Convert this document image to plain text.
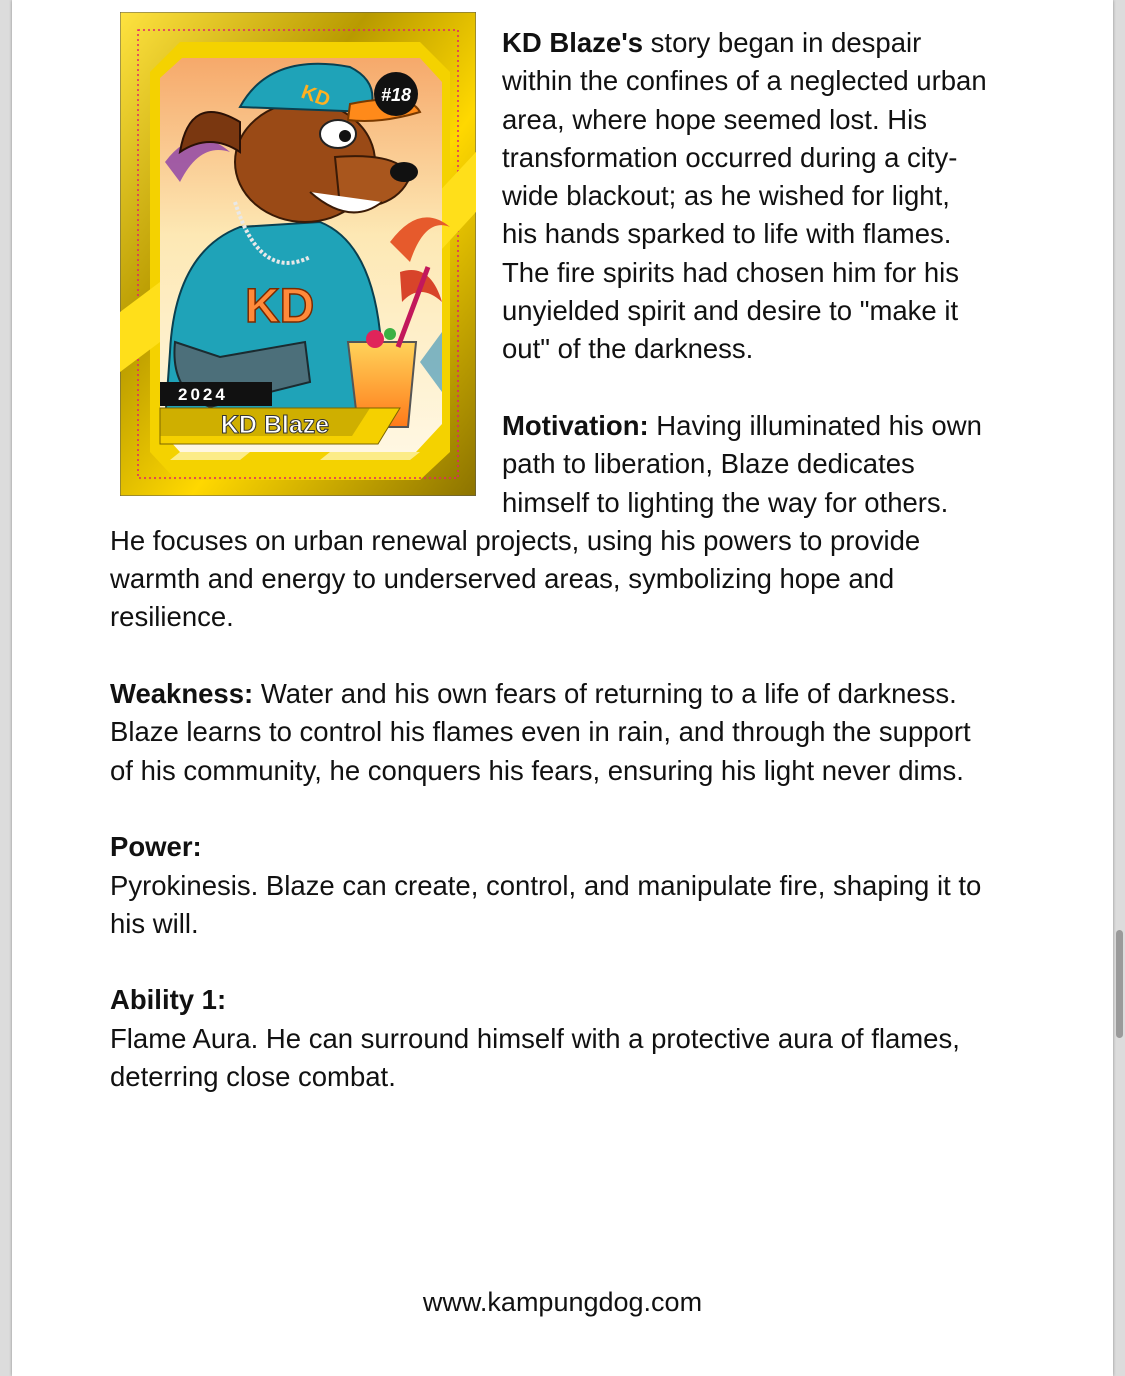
KD
KD	#18
2024
KD Blaze

KD Blaze's story began in despair within the confines of a neglected urban area, where hope seemed lost. His transformation occurred during a city-wide blackout; as he wished for light, his hands sparked to life with flames. The fire spirits had chosen him for his unyielded spirit and desire to "make it out" of the darkness.

Motivation: Having illuminated his own path to liberation, Blaze dedicates himself to lighting the way for others. He focuses on urban renewal projects, using his powers to provide warmth and energy to underserved areas, symbolizing hope and resilience.

Weakness: Water and his own fears of returning to a life of darkness. Blaze learns to control his flames even in rain, and through the support of his community, he conquers his fears, ensuring his light never dims.

Power:
Pyrokinesis. Blaze can create, control, and manipulate fire, shaping it to his will.

Ability 1:
Flame Aura. He can surround himself with a protective aura of flames, deterring close combat.

www.kampungdog.com
